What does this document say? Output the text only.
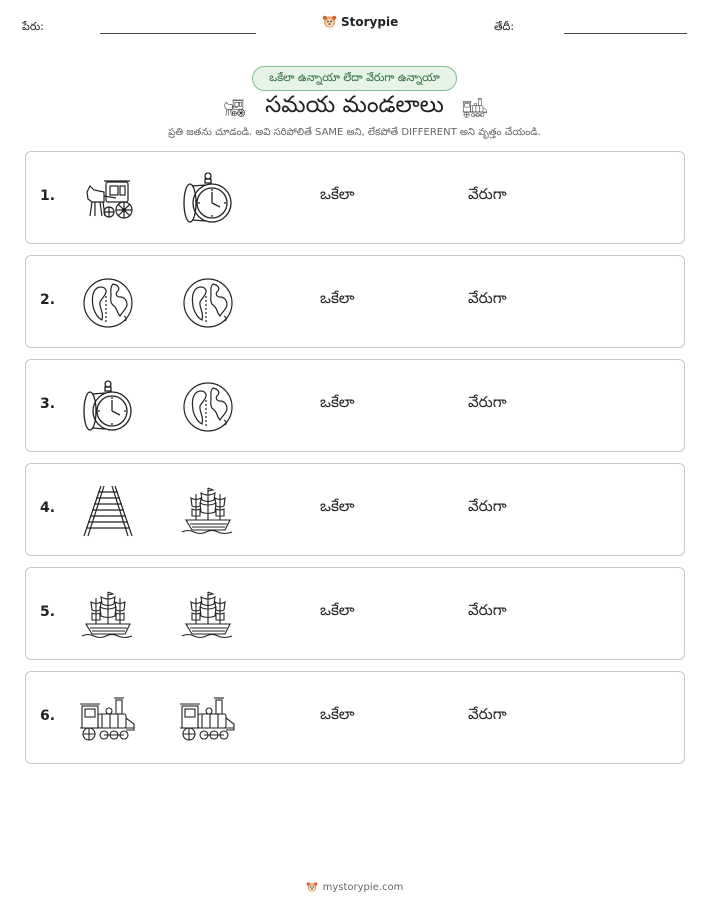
పేరు:	Storypie	తేదీ:
ఒకేలా ఉన్నాయా లేదా వేరుగా ఉన్నాయా
సమయ మండలాలు
ప్రతి జతను చూడండి. అవి సరిపోలితే SAME అని, లేకపోతే DIFFERENT అని వృత్తం చేయండి.
1.	ఒకేలా	వేరుగా
2.	ఒకేలా	వేరుగా
3.	ఒకేలా	వేరుగా
4.	ఒకేలా	వేరుగా
5.	ఒకేలా	వేరుగా
6.	ఒకేలా	వేరుగా
mystorypie.com
